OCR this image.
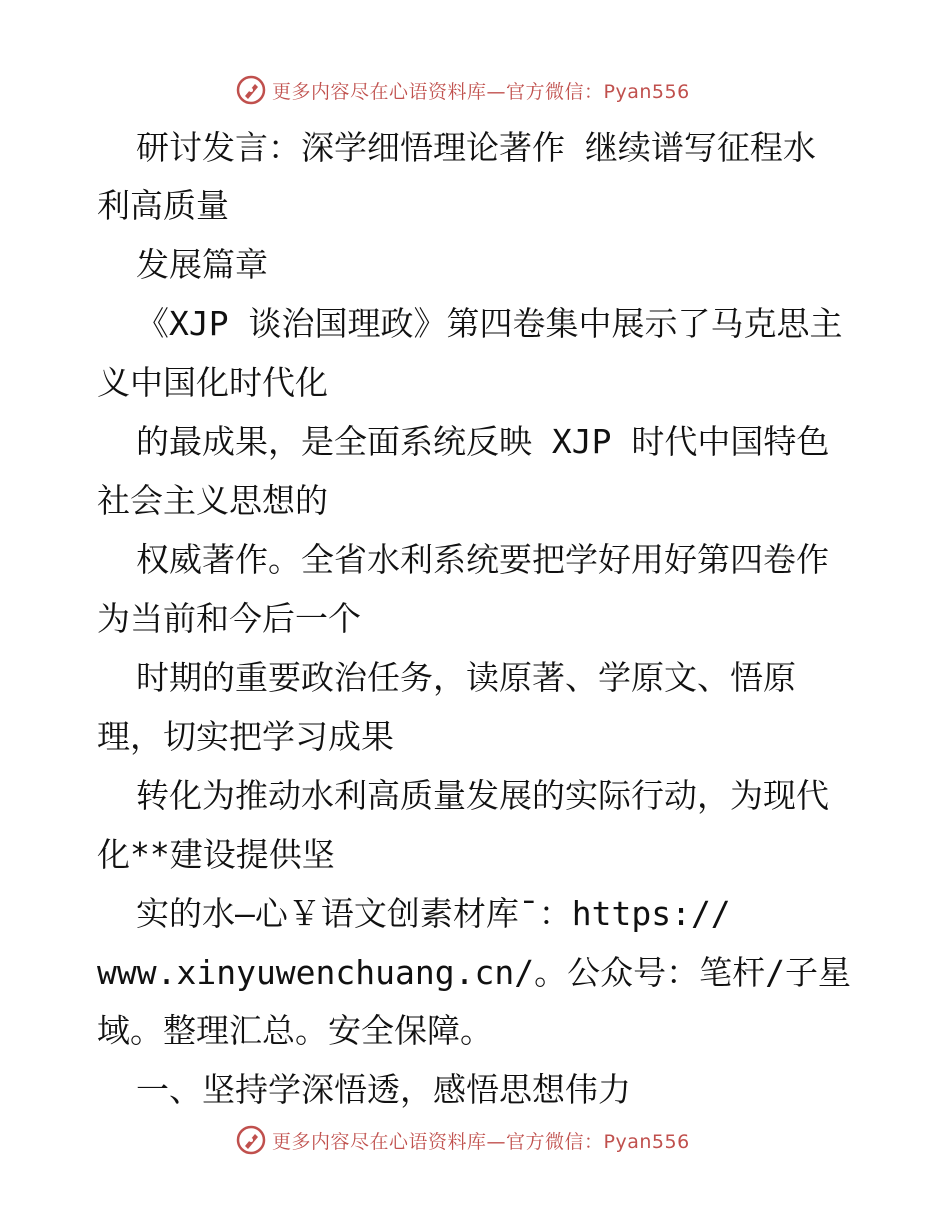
更多内容尽在心语资料库—官方微信：Pyan556
研讨发言：深学细悟理论著作 继续谱写征程水
利高质量
发展篇章
《XJP 谈治国理政》第四卷集中展示了马克思主
义中国化时代化
的最成果，是全面系统反映 XJP 时代中国特色
社会主义思想的
权威著作。全省水利系统要把学好用好第四卷作
为当前和今后一个
时期的重要政治任务，读原著、学原文、悟原
理，切实把学习成果
转化为推动水利高质量发展的实际行动，为现代
化**建设提供坚
实的水—心￥语文创素材库¯：https://
www.xinyuwenchuang.cn/。公众号：笔杆/子星
域。整理汇总。安全保障。
一、坚持学深悟透，感悟思想伟力
更多内容尽在心语资料库—官方微信：Pyan556
